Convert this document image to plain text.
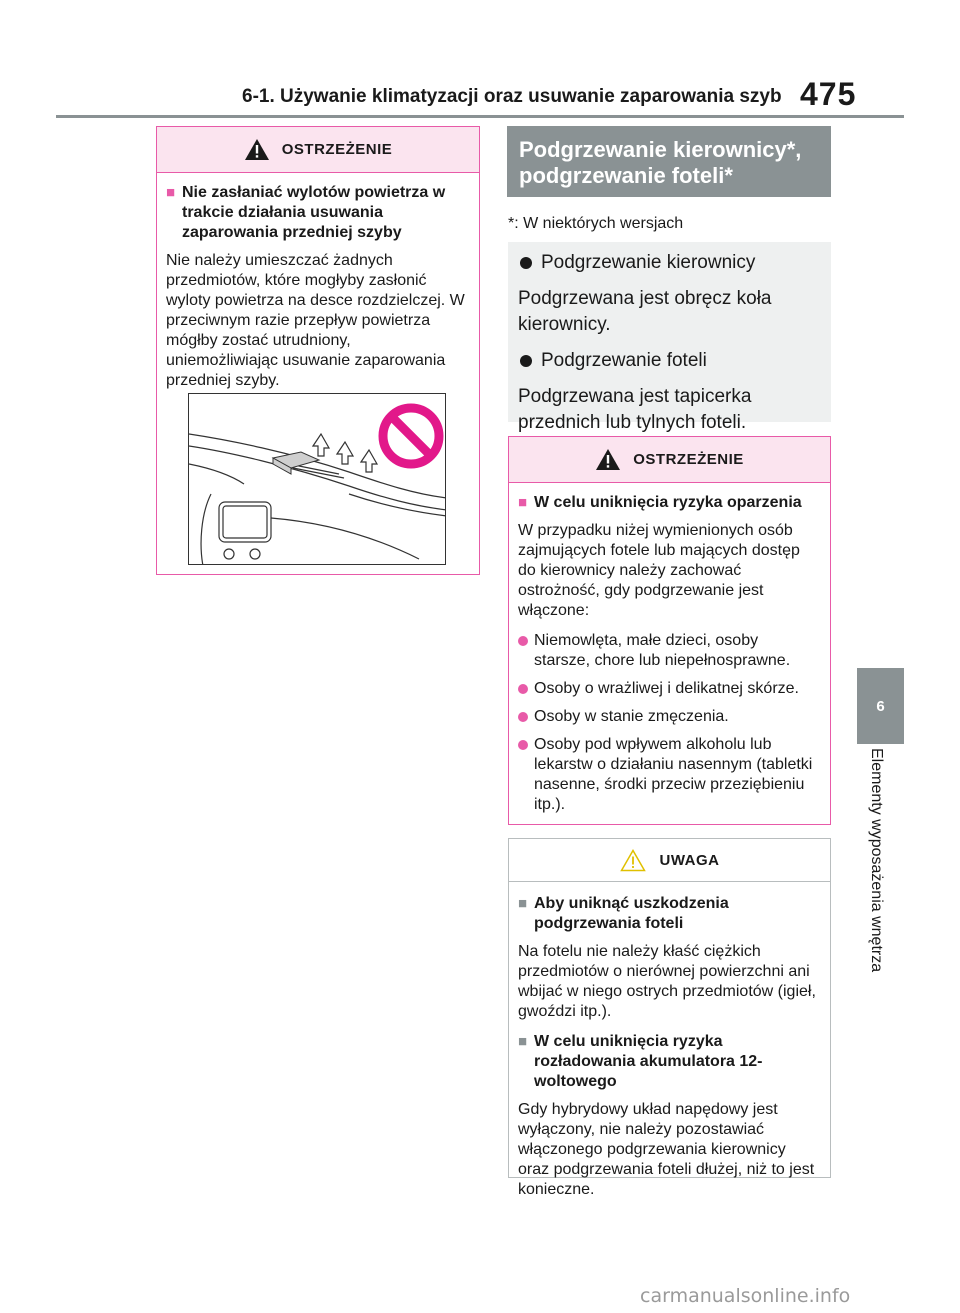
6-1. Używanie klimatyzacji oraz usuwanie zaparowania szyb 475
6
Elementy wyposażenia wnętrza
OSTRZEŻENIE
■ Nie zasłaniać wylotów powietrza w trakcie działania usuwania zaparowania przedniej szyby
Nie należy umieszczać żadnych przedmiotów, które mogłyby zasłonić wyloty powietrza na desce rozdzielczej. W przeciwnym razie przepływ powietrza mógłby zostać utrudniony, uniemożliwiając usuwanie zaparowania przedniej szyby.
Podgrzewanie kierownicy*, podgrzewanie foteli*
*: W niektórych wersjach
Podgrzewanie kierownicy
Podgrzewana jest obręcz koła kierownicy.
Podgrzewanie foteli
Podgrzewana jest tapicerka przednich lub tylnych foteli.
OSTRZEŻENIE
■ W celu uniknięcia ryzyka oparzenia
W przypadku niżej wymienionych osób zajmujących fotele lub mających dostęp do kierownicy należy zachować ostrożność, gdy podgrzewanie jest włączone:
Niemowlęta, małe dzieci, osoby starsze, chore lub niepełnosprawne.
Osoby o wrażliwej i delikatnej skórze.
Osoby w stanie zmęczenia.
Osoby pod wpływem alkoholu lub lekarstw o działaniu nasennym (tabletki nasenne, środki przeciw przeziębieniu itp.).
UWAGA
■ Aby uniknąć uszkodzenia podgrzewania foteli
Na fotelu nie należy kłaść ciężkich przedmiotów o nierównej powierzchni ani wbijać w niego ostrych przedmiotów (igieł, gwoździ itp.).
■ W celu uniknięcia ryzyka rozładowania akumulatora 12-woltowego
Gdy hybrydowy układ napędowy jest wyłączony, nie należy pozostawiać włączonego podgrzewania kierownicy oraz podgrzewania foteli dłużej, niż to jest konieczne.
carmanualsonline.info
